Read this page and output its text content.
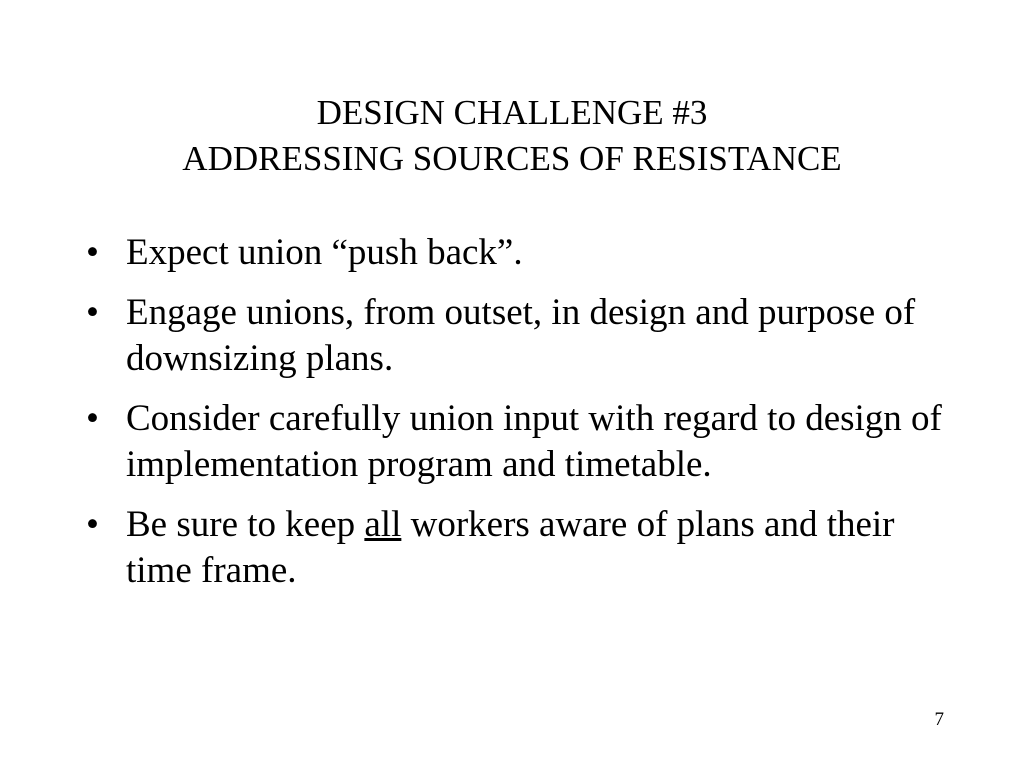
DESIGN CHALLENGE #3
ADDRESSING SOURCES OF RESISTANCE
• Expect union “push back”.
• Engage unions, from outset, in design and purpose of downsizing plans.
• Consider carefully union input with regard to design of implementation program and timetable.
• Be sure to keep all workers aware of plans and their time frame.
7
